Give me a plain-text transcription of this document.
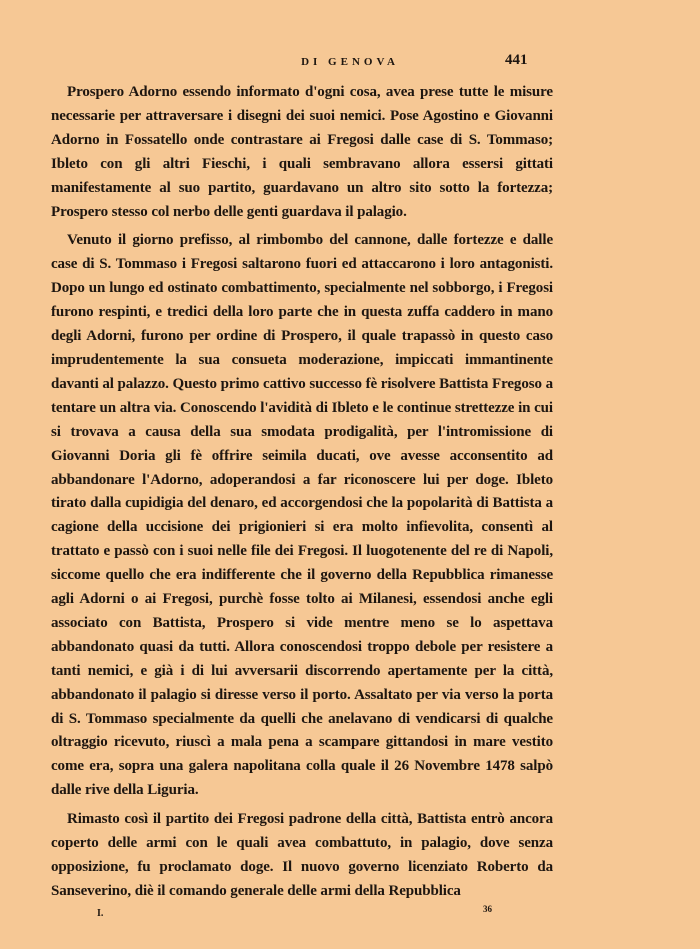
DI GENOVA	441

Prospero Adorno essendo informato d'ogni cosa, avea prese tutte le misure necessarie per attraversare i disegni dei suoi nemici. Pose Agostino e Giovanni Adorno in Fossatello onde contrastare ai Fregosi dalle case di S. Tommaso; Ibleto con gli altri Fieschi, i quali sembravano allora essersi gittati manifestamente al suo partito, guardavano un altro sito sotto la fortezza; Prospero stesso col nerbo delle genti guardava il palagio.

Venuto il giorno prefisso, al rimbombo del cannone, dalle fortezze e dalle case di S. Tommaso i Fregosi saltarono fuori ed attaccarono i loro antagonisti. Dopo un lungo ed ostinato combattimento, specialmente nel sobborgo, i Fregosi furono respinti, e tredici della loro parte che in questa zuffa caddero in mano degli Adorni, furono per ordine di Prospero, il quale trapassò in questo caso imprudentemente la sua consueta moderazione, impiccati immantinente davanti al palazzo. Questo primo cattivo successo fè risolvere Battista Fregoso a tentare un altra via. Conoscendo l'avidità di Ibleto e le continue strettezze in cui si trovava a causa della sua smodata prodigalità, per l'intromissione di Giovanni Doria gli fè offrire seimila ducati, ove avesse acconsentito ad abbandonare l'Adorno, adoperandosi a far riconoscere lui per doge. Ibleto tirato dalla cupidigia del denaro, ed accorgendosi che la popolarità di Battista a cagione della uccisione dei prigionieri si era molto infievolita, consentì al trattato e passò con i suoi nelle file dei Fregosi. Il luogotenente del re di Napoli, siccome quello che era indifferente che il governo della Repubblica rimanesse agli Adorni o ai Fregosi, purchè fosse tolto ai Milanesi, essendosi anche egli associato con Battista, Prospero si vide mentre meno se lo aspettava abbandonato quasi da tutti. Allora conoscendosi troppo debole per resistere a tanti nemici, e già i di lui avversarii discorrendo apertamente per la città, abbandonato il palagio si diresse verso il porto. Assaltato per via verso la porta di S. Tommaso specialmente da quelli che anelavano di vendicarsi di qualche oltraggio ricevuto, riuscì a mala pena a scampare gittandosi in mare vestito come era, sopra una galera napolitana colla quale il 26 Novembre 1478 salpò dalle rive della Liguria.

Rimasto così il partito dei Fregosi padrone della città, Battista entrò ancora coperto delle armi con le quali avea combattuto, in palagio, dove senza opposizione, fu proclamato doge. Il nuovo governo licenziato Roberto da Sanseverino, diè il comando generale delle armi della Repubblica

I.	36
